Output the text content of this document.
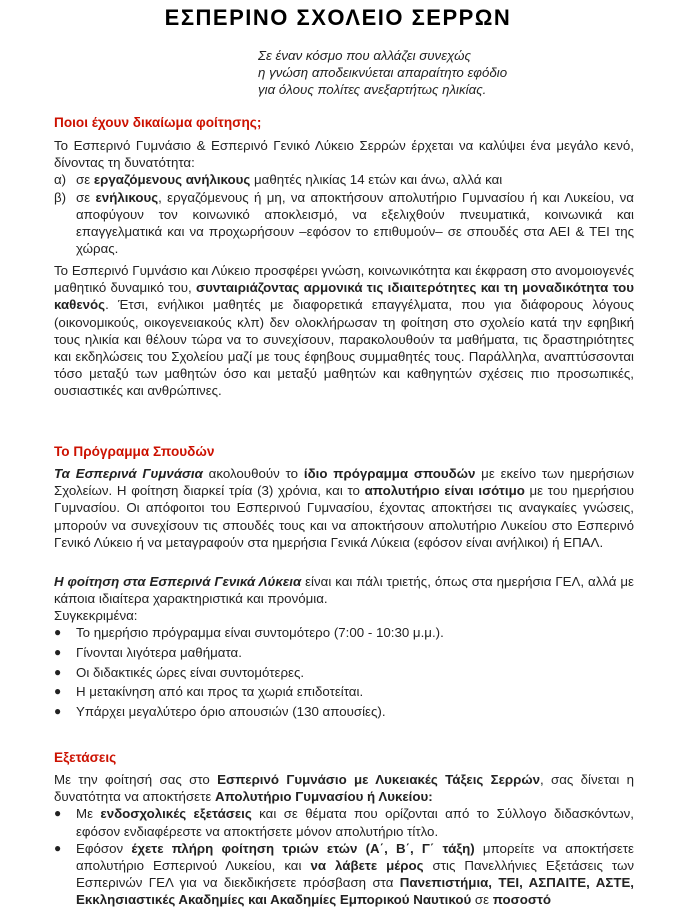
ΕΣΠΕΡΙΝΟ ΣΧΟΛΕΙΟ ΣΕΡΡΩΝ
Σε έναν κόσμο που αλλάζει συνεχώς
η γνώση αποδεικνύεται απαραίτητο εφόδιο
για όλους πολίτες ανεξαρτήτως ηλικίας.
Ποιοι έχουν δικαίωμα φοίτησης;

Το Εσπερινό Γυμνάσιο & Εσπερινό Γενικό Λύκειο Σερρών έρχεται να καλύψει ένα μεγάλο κενό, δίνοντας τη δυνατότητα:

α) σε εργαζόμενους ανήλικους μαθητές ηλικίας 14 ετών και άνω, αλλά και
β) σε ενήλικους, εργαζόμενους ή μη, να αποκτήσουν απολυτήριο Γυμνασίου ή και Λυκείου, να αποφύγουν τον κοινωνικό αποκλεισμό, να εξελιχθούν πνευματικά, κοινωνικά και επαγγελματικά και να προχωρήσουν –εφόσον το επιθυμούν– σε σπουδές στα ΑΕΙ & ΤΕΙ της χώρας.

Το Εσπερινό Γυμνάσιο και Λύκειο προσφέρει γνώση, κοινωνικότητα και έκφραση στο ανομοιογενές μαθητικό δυναμικό του, συνταιριάζοντας αρμονικά τις ιδιαιτερότητες και τη μοναδικότητα του καθενός. Έτσι, ενήλικοι μαθητές με διαφορετικά επαγγέλματα, που για διάφορους λόγους (οικονομικούς, οικογενειακούς κλπ) δεν ολοκλήρωσαν τη φοίτηση στο σχολείο κατά την εφηβική τους ηλικία και θέλουν τώρα να το συνεχίσουν, παρακολουθούν τα μαθήματα, τις δραστηριότητες και εκδηλώσεις του Σχολείου μαζί με τους έφηβους συμμαθητές τους. Παράλληλα, αναπτύσσονται τόσο μεταξύ των μαθητών όσο και μεταξύ μαθητών και καθηγητών σχέσεις πιο προσωπικές, ουσιαστικές και ανθρώπινες.

Το Πρόγραμμα Σπουδών

Τα Εσπερινά Γυμνάσια ακολουθούν το ίδιο πρόγραμμα σπουδών με εκείνο των ημερήσιων Σχολείων. Η φοίτηση διαρκεί τρία (3) χρόνια, και το απολυτήριο είναι ισότιμο με του ημερήσιου Γυμνασίου. Οι απόφοιτοι του Εσπερινού Γυμνασίου, έχοντας αποκτήσει τις αναγκαίες γνώσεις, μπορούν να συνεχίσουν τις σπουδές τους και να αποκτήσουν απολυτήριο Λυκείου στο Εσπερινό Γενικό Λύκειο ή να μεταγραφούν στα ημερήσια Γενικά Λύκεια (εφόσον είναι ανήλικοι) ή ΕΠΑΛ.

Η φοίτηση στα Εσπερινά Γενικά Λύκεια είναι και πάλι τριετής, όπως στα ημερήσια ΓΕΛ, αλλά με κάποια ιδιαίτερα χαρακτηριστικά και προνόμια.

Συγκεκριμένα:

●	Το ημερήσιο πρόγραμμα είναι συντομότερο (7:00 - 10:30 μ.μ.).
●	Γίνονται λιγότερα μαθήματα.
●	Οι διδακτικές ώρες είναι συντομότερες.
●	Η μετακίνηση από και προς τα χωριά επιδοτείται.
●	Υπάρχει μεγαλύτερο όριο απουσιών (130 απουσίες).
Εξετάσεις

Με την φοίτησή σας στο Εσπερινό Γυμνάσιο με Λυκειακές Τάξεις Σερρών, σας δίνεται η δυνατότητα να αποκτήσετε Απολυτήριο Γυμνασίου ή Λυκείου:

●	Με ενδοσχολικές εξετάσεις και σε θέματα που ορίζονται από το Σύλλογο διδασκόντων, εφόσον ενδιαφέρεστε να αποκτήσετε μόνον απολυτήριο τίτλο.
●	Εφόσον έχετε πλήρη φοίτηση τριών ετών (Α΄, Β΄, Γ΄ τάξη) μπορείτε να αποκτήσετε απολυτήριο Εσπερινού Λυκείου, και να λάβετε μέρος στις Πανελλήνιες Εξετάσεις των Εσπερινών ΓΕΛ για να διεκδικήσετε πρόσβαση στα Πανεπιστήμια, ΤΕΙ, ΑΣΠΑΙΤΕ, ΑΣΤΕ, Εκκλησιαστικές Ακαδημίες και Ακαδημίες Εμπορικού Ναυτικού σε ποσοστό
